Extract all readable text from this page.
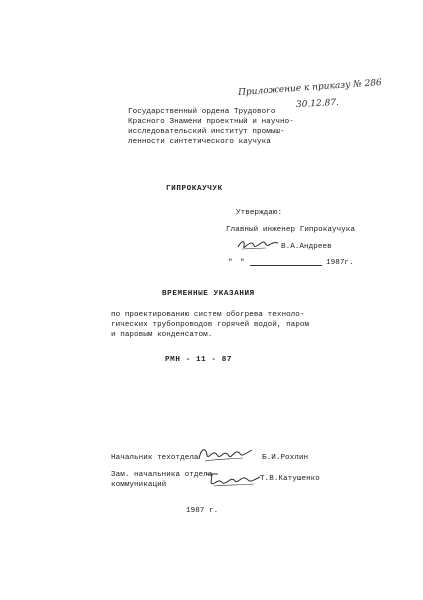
Приложение к приказу № 286
30.12.87.
Государственный ордена Трудового
Красного Знамени проектный и научно-
исследовательский институт промыш-
ленности синтетического каучука
ГИПРОКАУЧУК
Утверждаю:
Главный инженер Гипрокаучука
В.А.Андреев
" "	1987г.
ВРЕМЕННЫЕ УКАЗАНИЯ
по проектированию систем обогрева техноло-
гических трубопроводов горячей водой, паром
и паровым конденсатом.
РМН - 11 - 87
Начальник техотдела	Б.И.Рохлин
Зам. начальника отдела
коммуникаций
Т.В.Катушенко
1987 г.
